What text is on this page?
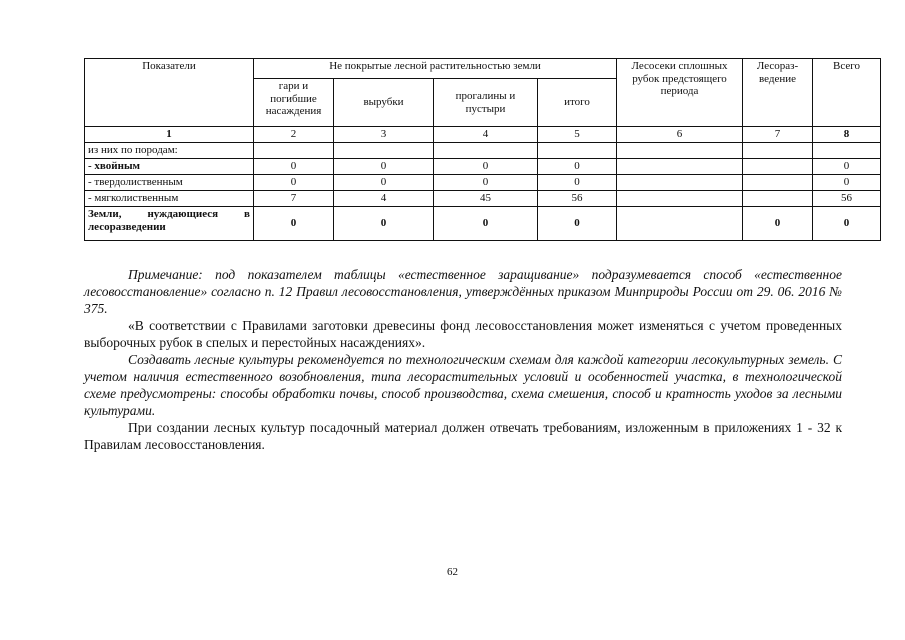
Показатели	Не покрытые лесной растительностью земли				Лесосеки сплошных рубок предстоящего периода	Лесораз-ведение	Всего
	гари и погибшие насаждения	вырубки	прогалины и пустыри	итого			
1	2	3	4	5	6	7	8
из них по породам:							
- хвойным	0	0	0	0			0
- твердолиственным	0	0	0	0			0
- мягколиственным	7	4	45	56			56
Земли, нуждающиеся в лесоразведении	0	0	0	0		0	0

Примечание: под показателем таблицы «естественное заращивание» подразумевается способ «естественное лесовосстановление» согласно п. 12 Правил лесовосстановления, утверждённых приказом Минприроды России от 29. 06. 2016 № 375.

«В соответствии с Правилами заготовки древесины фонд лесовосстановления может изменяться с учетом проведенных выборочных рубок в спелых и перестойных насаждениях».

Создавать лесные культуры рекомендуется по технологическим схемам для каждой категории лесокультурных земель. С учетом наличия естественного возобновления, типа лесорастительных условий и особенностей участка, в технологической схеме предусмотрены: способы обработки почвы, способ производства, схема смешения, способ и кратность уходов за лесными культурами.

При создании лесных культур посадочный материал должен отвечать требованиям, изложенным в приложениях 1 - 32 к Правилам лесовосстановления.

62
